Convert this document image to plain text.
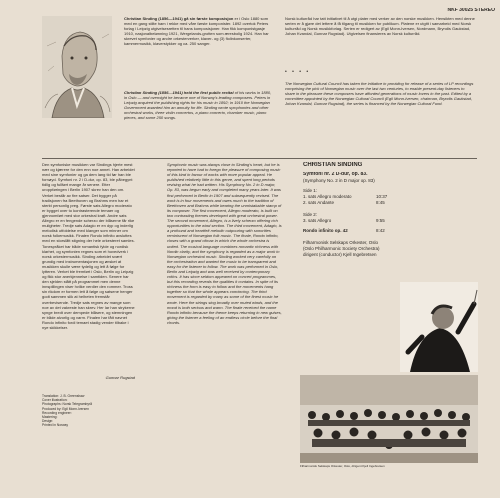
Christian Sinding (1856—1941) gå sin første komposisjon er i Oslo 1880 som med en gang stilte ham i rekke med våre første komponister. 1892 overtok Peters forlag i Leipzig utgivelsesretten til hans komposisjoner. Han fikk komponistgasje 1910, nasjonalbelønning 1921, Wergelands-grotten som æresbolig 1924. Han har skrevet symfonier og andre orkesterverker, klaver- og (3) fiolinkonserter, kammermusikk, klaverstykker og ca. 250 sanger.
Christian Sinding (1856—1941) held the first public recital of his works in 1880, in Oslo — and overnight he became one of Norway's leading composers. Peters in Leipzig acquired the publishing rights for his music in 1892; in 1910 the Norwegian Government awarded him an annuity for life. Sinding wrote symphonies and other orchestral works, three violin concertos, a piano concerto, chamber music, piano pieces, and some 250 songs.
NKF 30025 STEREO
Norsk kulturråd har tatt initiativet til å utgi plater med verker av den norske musikken. Hensikten med denne serien er å gjøre det lettere å få tilgang til musikken for publikum. Platene er utgitt i samarbeid med Norsk kulturråd og Norsk musikkforlag. Serien er redigert av (Egil Monn-Iversen, Nordmann, Bryndis Gaukstad, Johan Kvandal, Gunnar Rugstad). Utgivelsen finansieres av Norsk kulturråd.
• • • •
The Norwegian Cultural Council has taken the initiative in providing for release of a series of LP recordings comprising the pick of Norwegian music over the last two centuries, to enable present-day listeners to share in the pleasure these composers have afforded generations of music lovers in the past. Edited by a committee appointed by the Norwegian Cultural Council (Egil Monn-Iversen, chairman, Bryndis Gaukstad, Johan Kvandal, Gunnar Rugstad), the series is financed by the Norwegian Cultural Fund.
Den symfoniske musikken var Sindings hjerte mest nær og kjærere for den enn noe annet. Han arbeidet med sine symfonier og ga dem lang tid før han ble fornøyd. Symfoni nr. 2 i D-dur, op. 83, ble påbegynt tidlig og fullført mange år senere. Etter uroppføringen i Berlin 1907 skrev han den om. Verket består av fire satser. Det bygger på tradisjonen fra Beethoven og Brahms men har et sterkt personlig preg. Første sats Allegro moderato er bygget over to kontrasterende temaer og gjennomført med stor orkestral kraft. Andre sats Allegro er en fengende scherzo der blåserne får rike muligheter. Tredje sats Adagio er en dyp og inderlig melodisk utfoldelse med klanger som minner om norsk folkemusikk. Finalen Rondo infinito avsluttes med en storslått stigning der hele orkesteret samles. Tonespråket har både romantisk fylde og nordisk klarhet, og symfonien regnes som et hovedverk i norsk orkestermusikk. Sinding arbeidet svært grundig med instrumentasjonen og ønsket at musikken skulle være tydelig og lett å følge for lytteren. Verket ble fremført i Oslo, Berlin og Leipzig og fikk stor anerkjennelse i samtiden. Senere har den sjelden stått på programmet men denne innspillingen viser hvilke verdier den rommer. Tross sin rikdom er formen lett å følge og satsene henger godt sammen slik at helheten fremstår overbevisende. Tredje sats regnes av mange som noe av det vakreste han skrev. Her lar han strykerne synge bredt over dempede blåsere, og stemningen er både alvorlig og varm. Finalen har fått navnet Rondo infinito fordi temaet stadig vender tilbake i nye skikkelser.
Gunnar Rugstad
Translation: J. B. Greenshaw
Cover illustration:
Photographs: Norsk Telegrambyrå
Produced by: Egil Monn-Iversen
Recording engineer:
Mastering:
Design:
Printed in Norway
Symphonic music was always close to Sinding's heart, but he is reported to have had to forego the pleasure of composing music of this kind in favour of works with more popular appeal. He published relatively little in this genre, and spent long periods revising what he had written. His Symphony No. 2 in D major, Op. 83, was begun early and completed many years later. It was first performed in Berlin in 1907 and subsequently revised. The work is in four movements and owes much to the tradition of Beethoven and Brahms while bearing the unmistakable stamp of its composer. The first movement, Allegro moderato, is built on two contrasting themes developed with great orchestral power. The second movement, Allegro, is a lively scherzo offering rich opportunities to the wind section. The third movement, Adagio, is a profound and heartfelt melodic outpouring with sonorities reminiscent of Norwegian folk music. The finale, Rondo infinito, closes with a grand climax in which the whole orchestra is united. The musical language combines romantic richness with Nordic clarity, and the symphony is regarded as a major work in Norwegian orchestral music. Sinding worked very carefully on the orchestration and wanted the music to be transparent and easy for the listener to follow. The work was performed in Oslo, Berlin and Leipzig and was well received by contemporary critics. It has since seldom appeared on concert programmes, but this recording reveals the qualities it contains. In spite of its richness the form is easy to follow and the movements hang together so that the whole appears convincing. The third movement is regarded by many as some of the finest music he wrote. Here the strings sing broadly over muted winds, and the mood is both serious and warm. The finale received the name Rondo infinito because the theme keeps returning in new guises, giving the listener a feeling of an endless circle before the final chords.
CHRISTIAN SINDING
Symfoni nr. 2 D-dur, op. 83.
(Symphony No. 2 in D major op. 83)
Side 1:
1. sats Allegro moderato	10:37
2. sats Andante	8:45
Side 2:
3. sats Allegro	9:55
Rondo infinito op. 42	8:42
Filharmonisk Selskaps Orkester, Oslo
(Oslo Philharmonic Society Orchestra)
dirigent (conductor) Kjell Ingebretsen
Filharmonisk Selskaps Orkester, Oslo, dirigent Kjell Ingebretsen
